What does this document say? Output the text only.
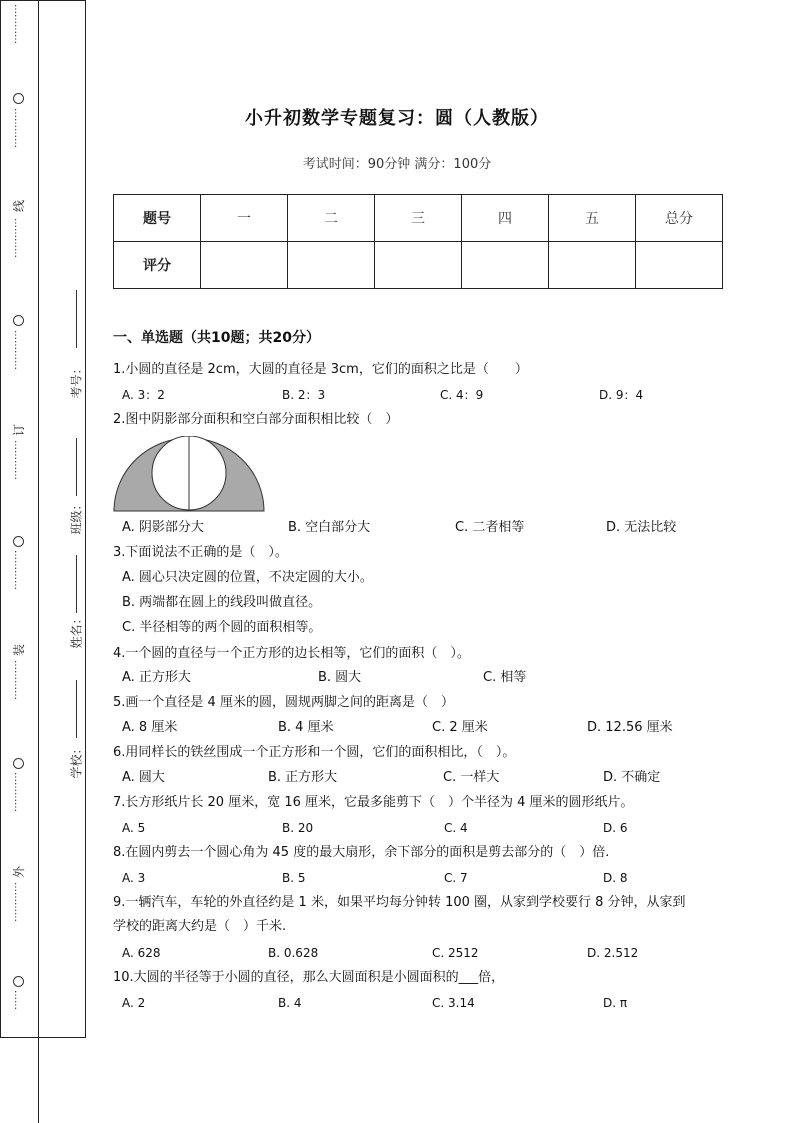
…………
…………
线
…………
…………
订
…………
…………
装
…………
…………
外
…………
……
考号：
班级：
姓名：
学校：
小升初数学专题复习：圆（人教版）
考试时间：90分钟 满分：100分
题号	一	二	三	四	五	总分
评分						
一、单选题（共10题；共20分）
1.小圆的直径是 2cm，大圆的直径是 3cm，它们的面积之比是（　　）
A. 3：2	B. 2：3	C. 4：9	D. 9：4
2.图中阴影部分面积和空白部分面积相比较（　）
A. 阴影部分大	B. 空白部分大	C. 二者相等	D. 无法比较
3.下面说法不正确的是（　）。
A. 圆心只决定圆的位置，不决定圆的大小。
B. 两端都在圆上的线段叫做直径。
C. 半径相等的两个圆的面积相等。
4.一个圆的直径与一个正方形的边长相等，它们的面积（　）。
A. 正方形大	B. 圆大	C. 相等
5.画一个直径是 4 厘米的圆，圆规两脚之间的距离是（　）
A. 8 厘米	B. 4 厘米	C. 2 厘米	D. 12.56 厘米
6.用同样长的铁丝围成一个正方形和一个圆，它们的面积相比，（　）。
A. 圆大	B. 正方形大	C. 一样大	D. 不确定
7.长方形纸片长 20 厘米，宽 16 厘米，它最多能剪下（　）个半径为 4 厘米的圆形纸片。
A. 5	B. 20	C. 4	D. 6
8.在圆内剪去一个圆心角为 45 度的最大扇形，余下部分的面积是剪去部分的（　）倍.
A. 3	B. 5	C. 7	D. 8
9.一辆汽车，车轮的外直径约是 1 米，如果平均每分钟转 100 圈，从家到学校要行 8 分钟，从家到
学校的距离大约是（　）千米.
A. 628	B. 0.628	C. 2512	D. 2.512
10.大圆的半径等于小圆的直径，那么大圆面积是小圆面积的___倍，
A. 2	B. 4	C. 3.14	D. π
